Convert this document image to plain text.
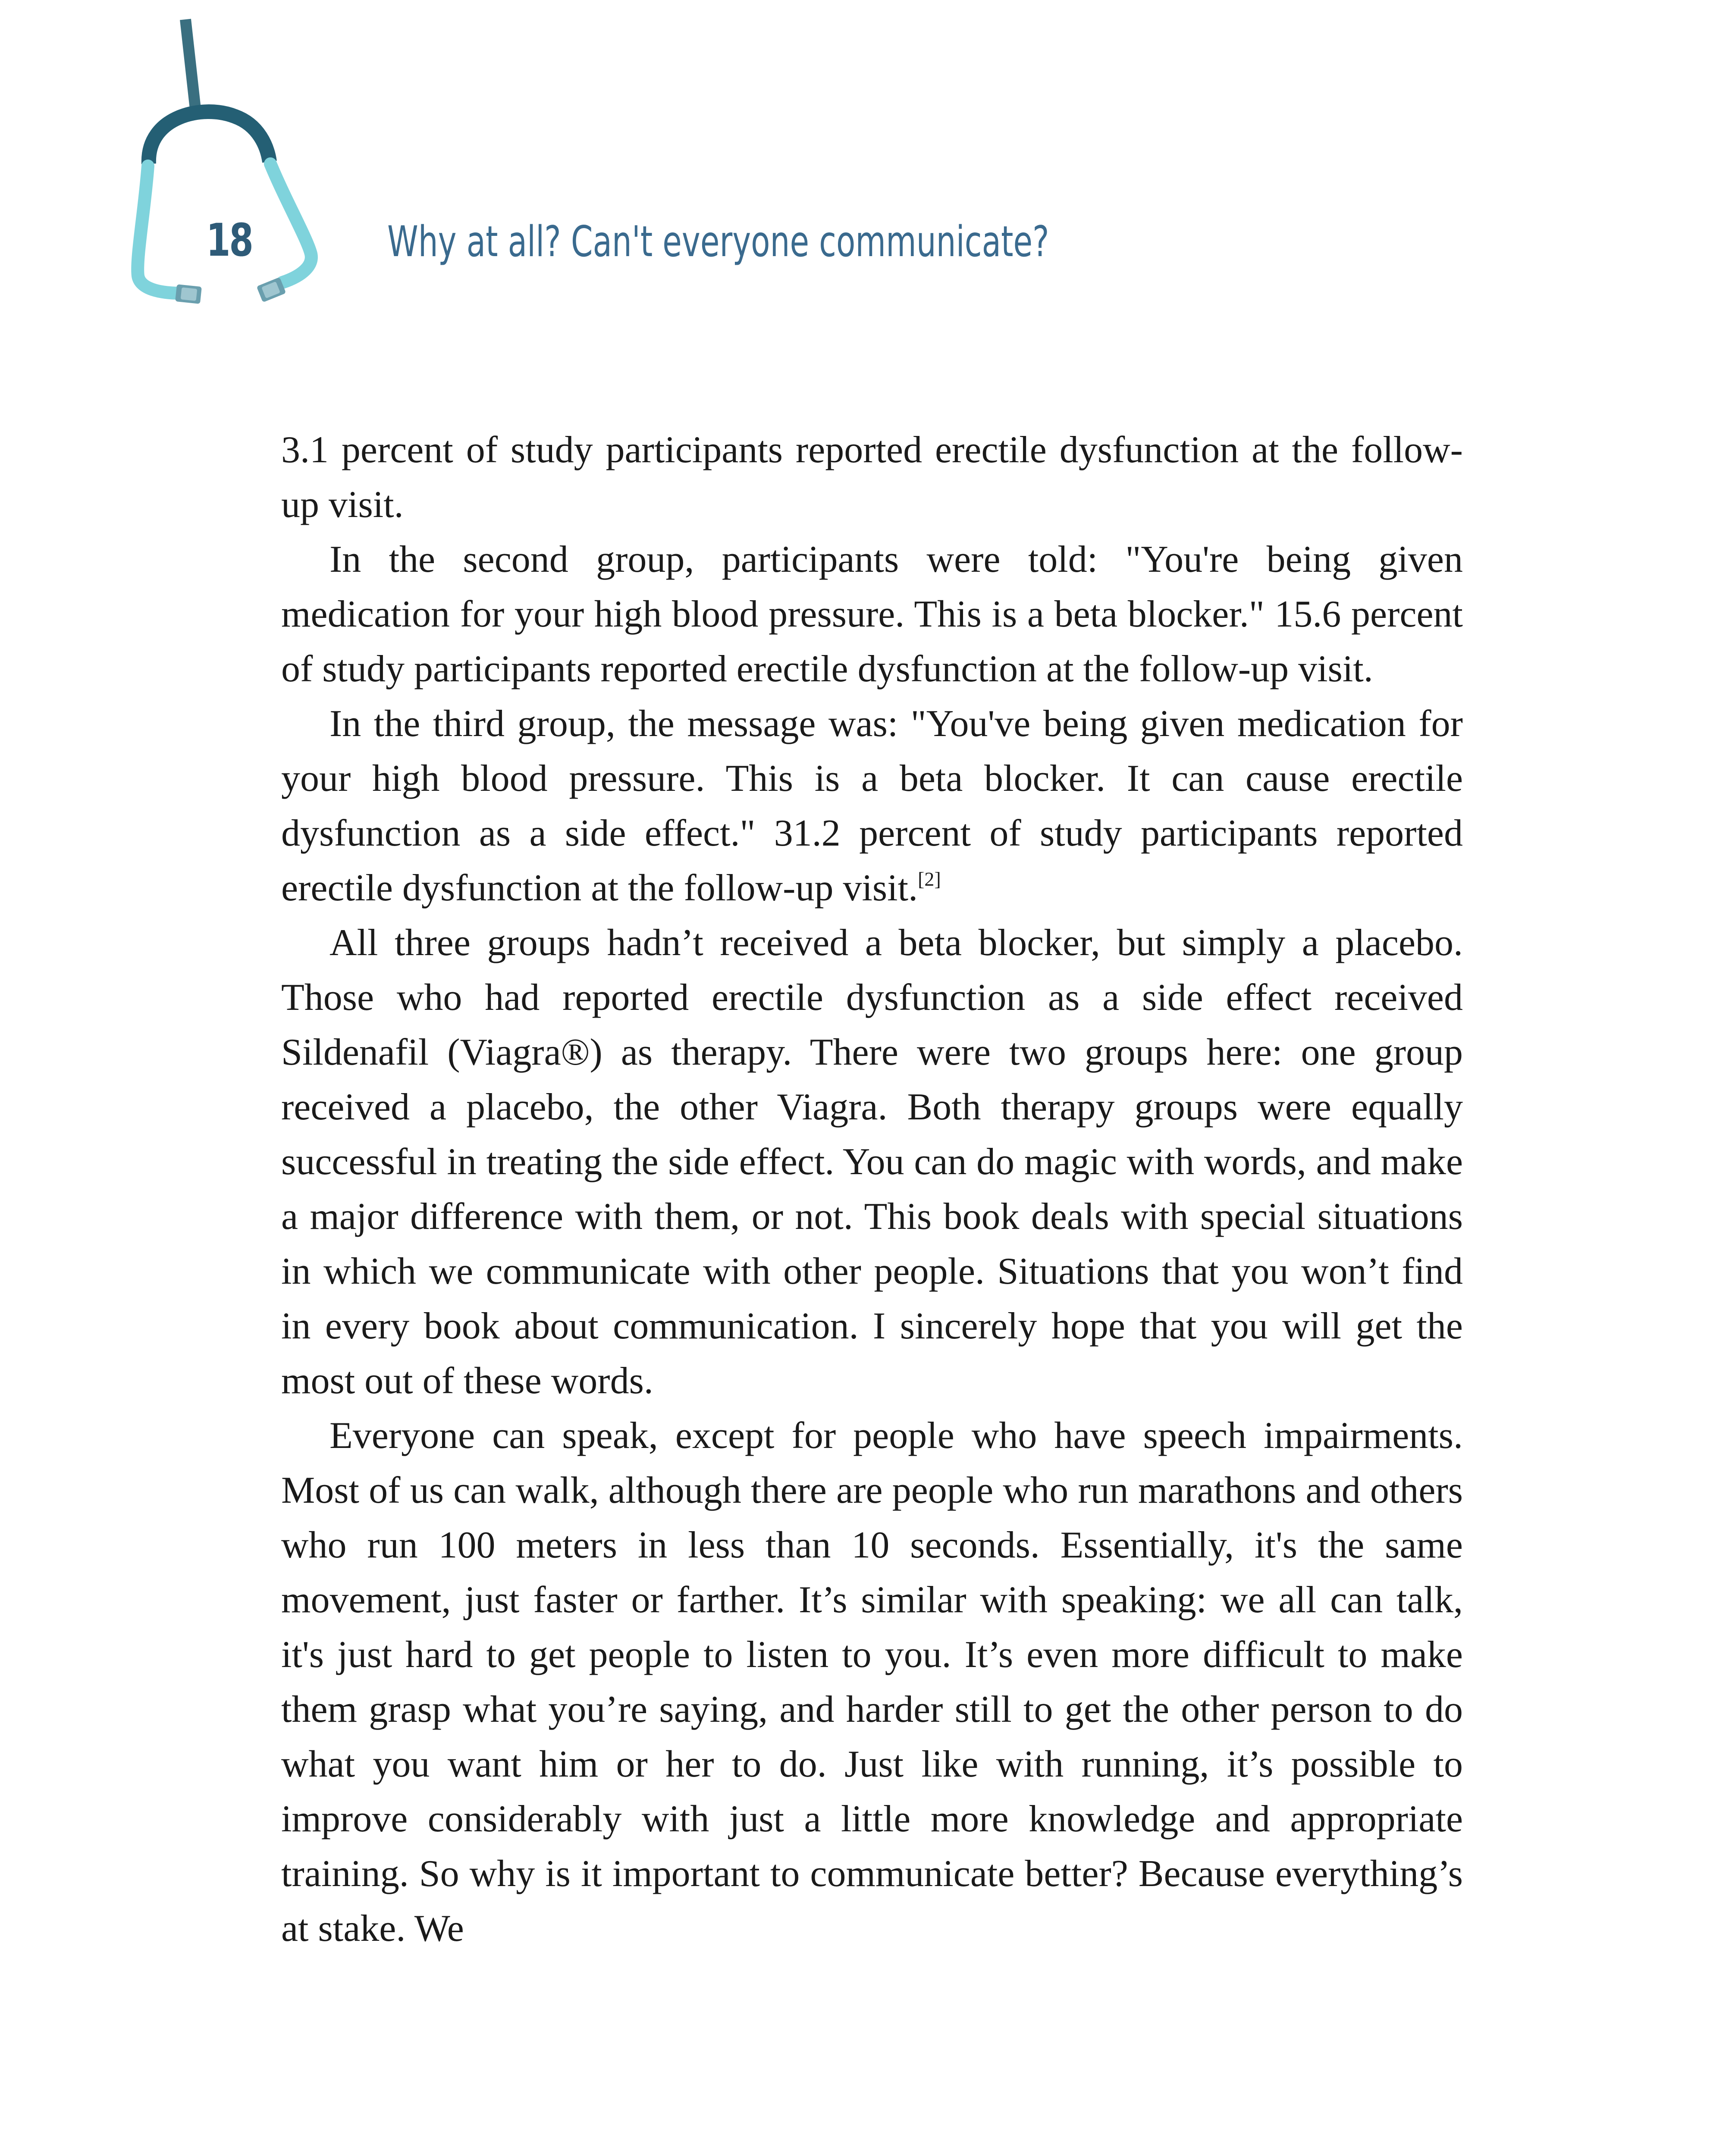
18	Why at all? Can't everyone communicate?

3.1 percent of study participants reported erectile dysfunction at the follow-up visit.

In the second group, participants were told: "You're being given medication for your high blood pressure. This is a beta blocker." 15.6 percent of study participants reported erectile dysfunction at the follow-up visit.

In the third group, the message was: "You've being given medication for your high blood pressure. This is a beta blocker. It can cause erectile dysfunction as a side effect." 31.2 percent of study participants reported erectile dysfunction at the follow-up visit.[2]

All three groups hadn’t received a beta blocker, but simply a placebo. Those who had reported erectile dysfunction as a side effect received Sildenafil (Viagra®) as therapy. There were two groups here: one group received a placebo, the other Viagra. Both therapy groups were equally successful in treating the side effect. You can do magic with words, and make a major difference with them, or not. This book deals with special situations in which we communicate with other people. Situations that you won’t find in every book about communication. I sincerely hope that you will get the most out of these words.

Everyone can speak, except for people who have speech impairments. Most of us can walk, although there are people who run marathons and others who run 100 meters in less than 10 seconds. Essentially, it's the same movement, just faster or farther. It’s similar with speaking: we all can talk, it's just hard to get people to listen to you. It’s even more difficult to make them grasp what you’re saying, and harder still to get the other person to do what you want him or her to do. Just like with running, it’s possible to improve considerably with just a little more knowledge and appropriate training. So why is it important to communicate better? Because everything’s at stake. We
